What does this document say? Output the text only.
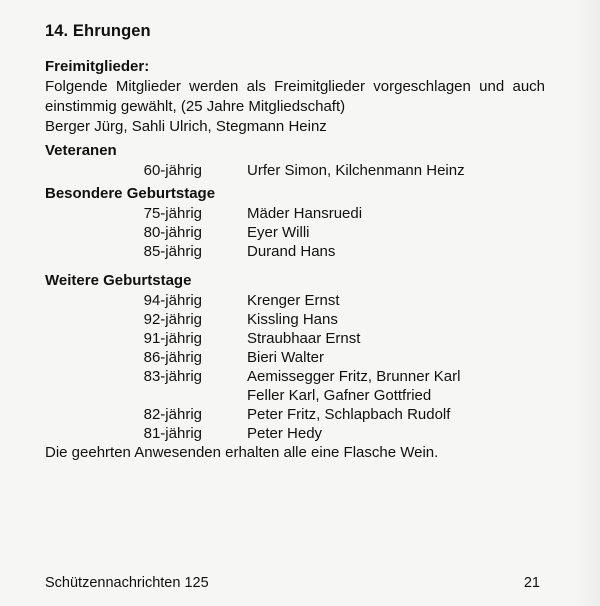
14. Ehrungen

Freimitglieder:

Folgende Mitglieder werden als Freimitglieder vorgeschlagen und auch einstimmig gewählt, (25 Jahre Mitgliedschaft)

Berger Jürg, Sahli Ulrich, Stegmann Heinz

Veteranen

60-jährig	Urfer Simon, Kilchenmann Heinz

Besondere Geburtstage

75-jährig	Mäder Hansruedi
80-jährig	Eyer Willi
85-jährig	Durand Hans

Weitere Geburtstage

94-jährig	Krenger Ernst
92-jährig	Kissling Hans
91-jährig	Straubhaar Ernst
86-jährig	Bieri Walter
83-jährig	Aemissegger Fritz, Brunner Karl
Feller Karl, Gafner Gottfried
82-jährig	Peter Fritz, Schlapbach Rudolf
81-jährig	Peter Hedy

Die geehrten Anwesenden erhalten alle eine Flasche Wein.

Schützennachrichten 125	21
